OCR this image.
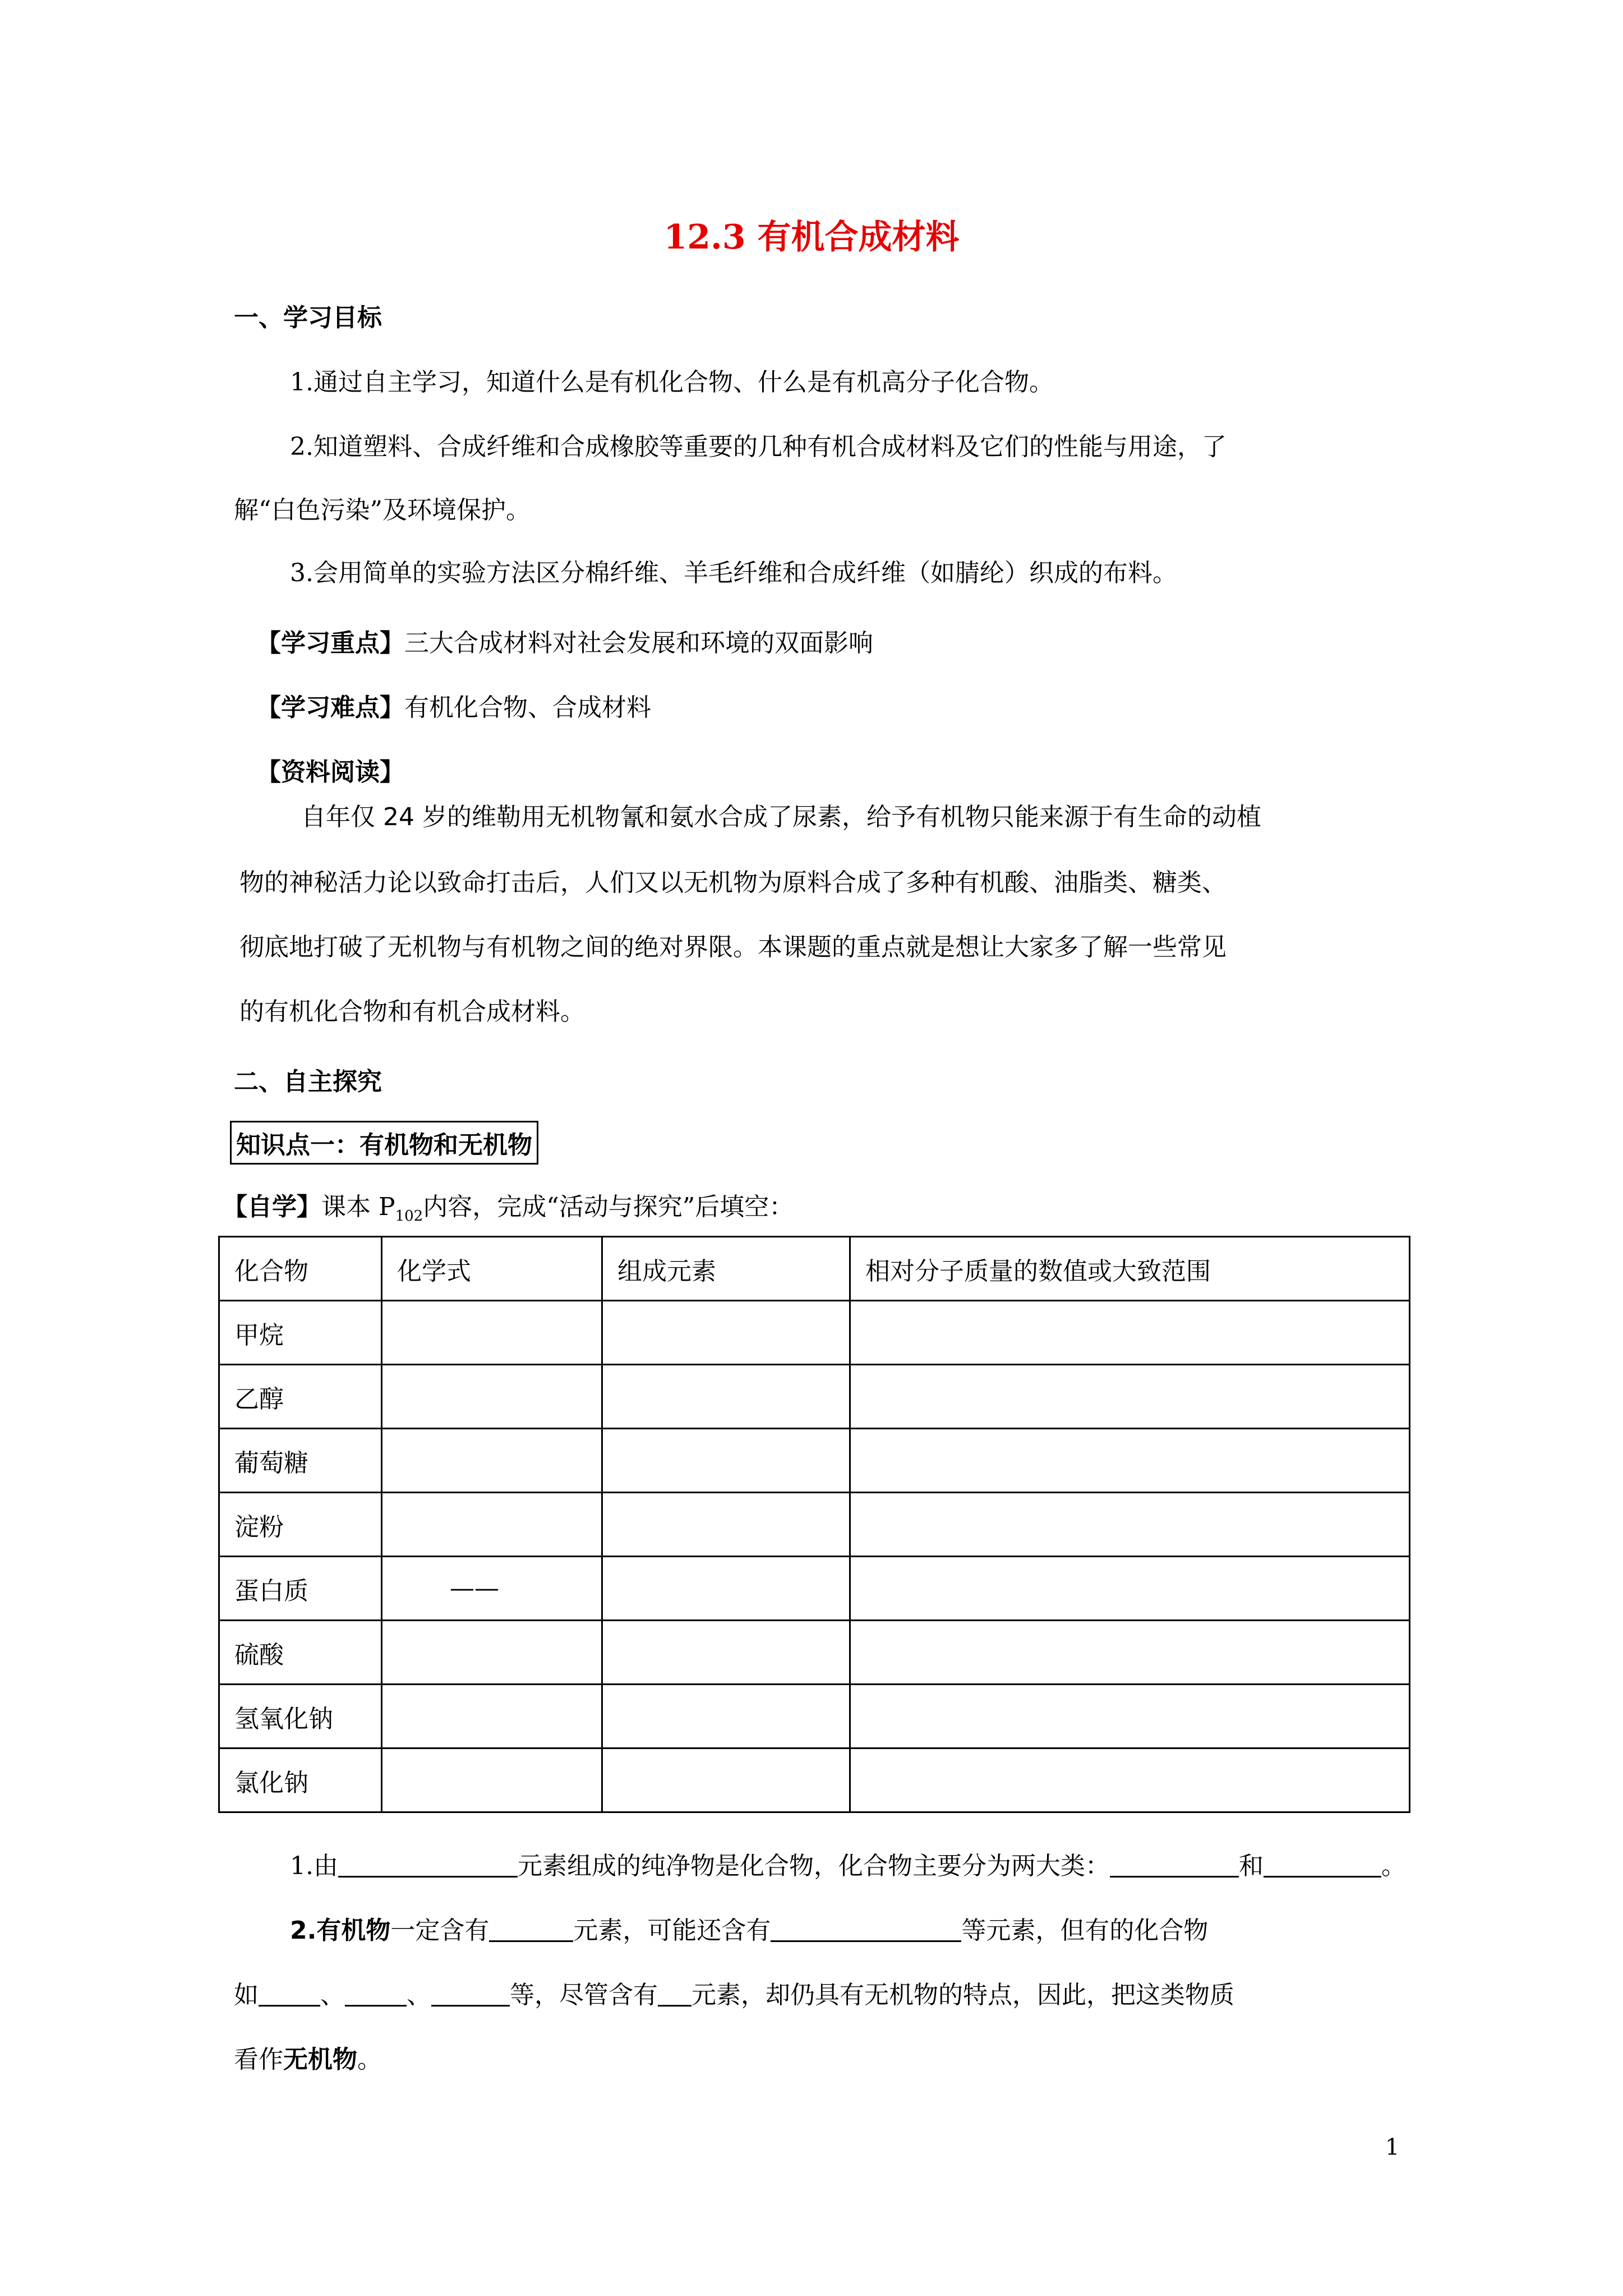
12.3 有机合成材料
一、学习目标
1.通过自主学习，知道什么是有机化合物、什么是有机高分子化合物。
2.知道塑料、合成纤维和合成橡胶等重要的几种有机合成材料及它们的性能与用途，了
解“白色污染”及环境保护。
3.会用简单的实验方法区分棉纤维、羊毛纤维和合成纤维（如腈纶）织成的布料。
【学习重点】三大合成材料对社会发展和环境的双面影响
【学习难点】有机化合物、合成材料
【资料阅读】
自年仅 24 岁的维勒用无机物氰和氨水合成了尿素，给予有机物只能来源于有生命的动植
物的神秘活力论以致命打击后，人们又以无机物为原料合成了多种有机酸、油脂类、糖类、
彻底地打破了无机物与有机物之间的绝对界限。本课题的重点就是想让大家多了解一些常见
的有机化合物和有机合成材料。
二、自主探究
知识点一：有机物和无机物
【自学】课本 $P_{102}$内容，完成“活动与探究”后填空：
化合物	化学式	组成元素	相对分子质量的数值或大致范围
甲烷			
乙醇			
葡萄糖			
淀粉			
蛋白质	——		
硫酸			
氢氧化钠			
氯化钠			
1.由	元素组成的纯净物是化合物，化合物主要分为两大类：	和	。
2.有机物一定含有	元素，可能还含有	等元素，但有的化合物
如	、	、	等，尽管含有 元素，却仍具有无机物的特点，因此，把这类物质
看作无机物。
1
